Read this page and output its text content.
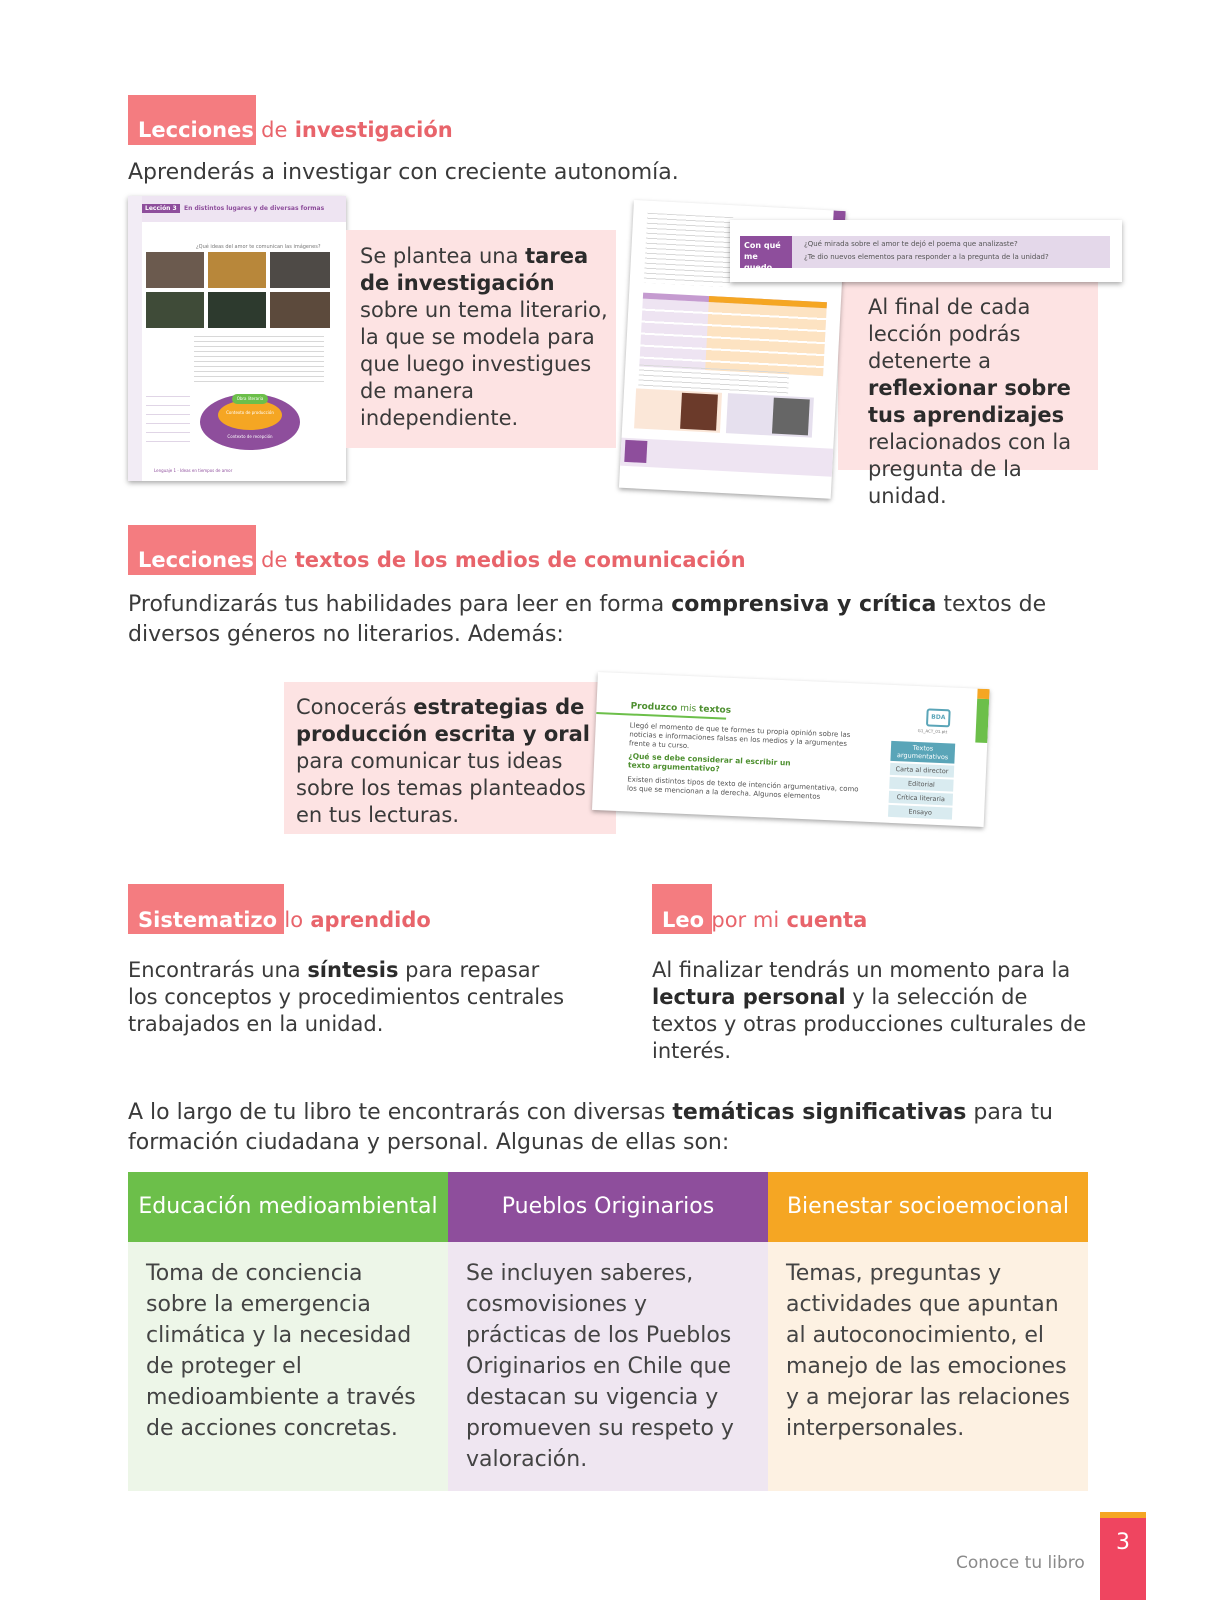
Lecciones de investigación
Aprenderás a investigar con creciente autonomía.
Lección 3	En distintos lugares y de diversas formas
¿Qué ideas del amor te comunican las imágenes?
Obra literaria
Contexto de producción
Contexto de recepción
Lenguaje 1 · Ideas en tiempos de amor
Se plantea una tarea de investigación sobre un tema literario, la que se modela para que luego investigues de manera independiente.
Con qué me quedo
¿Qué mirada sobre el amor te dejó el poema que analizaste?
¿Te dio nuevos elementos para responder a la pregunta de la unidad?
Al final de cada lección podrás detenerte a reflexionar sobre tus aprendizajes relacionados con la pregunta de la unidad.
Lecciones de textos de los medios de comunicación
Profundizarás tus habilidades para leer en forma comprensiva y crítica textos de diversos géneros no literarios. Además:
Conocerás estrategias de producción escrita y oral para comunicar tus ideas sobre los temas planteados en tus lecturas.
Produzco mis textos
Llegó el momento de que te formes tu propia opinión sobre las noticias e informaciones falsas en los medios y la argumentes frente a tu curso.
¿Qué se debe considerar al escribir un texto argumentativo?
Existen distintos tipos de texto de intención argumentativa, como los que se mencionan a la derecha. Algunos elementos
BDA
G1_ACT_01.ptt
Textos argumentativos
Carta al director
Editorial
Crítica literaria
Ensayo
Sistematizo lo aprendido
Encontrarás una síntesis para repasar los conceptos y procedimientos centrales trabajados en la unidad.
Leo por mi cuenta
Al finalizar tendrás un momento para la lectura personal y la selección de textos y otras producciones culturales de interés.
A lo largo de tu libro te encontrarás con diversas temáticas significativas para tu formación ciudadana y personal. Algunas de ellas son:
Educación medioambiental	Pueblos Originarios	Bienestar socioemocional
Toma de conciencia sobre la emergencia climática y la necesidad de proteger el medioambiente a través de acciones concretas.	Se incluyen saberes, cosmovisiones y prácticas de los Pueblos Originarios en Chile que destacan su vigencia y promueven su respeto y valoración.	Temas, preguntas y actividades que apuntan al autoconocimiento, el manejo de las emociones y a mejorar las relaciones interpersonales.
Conoce tu libro
3
